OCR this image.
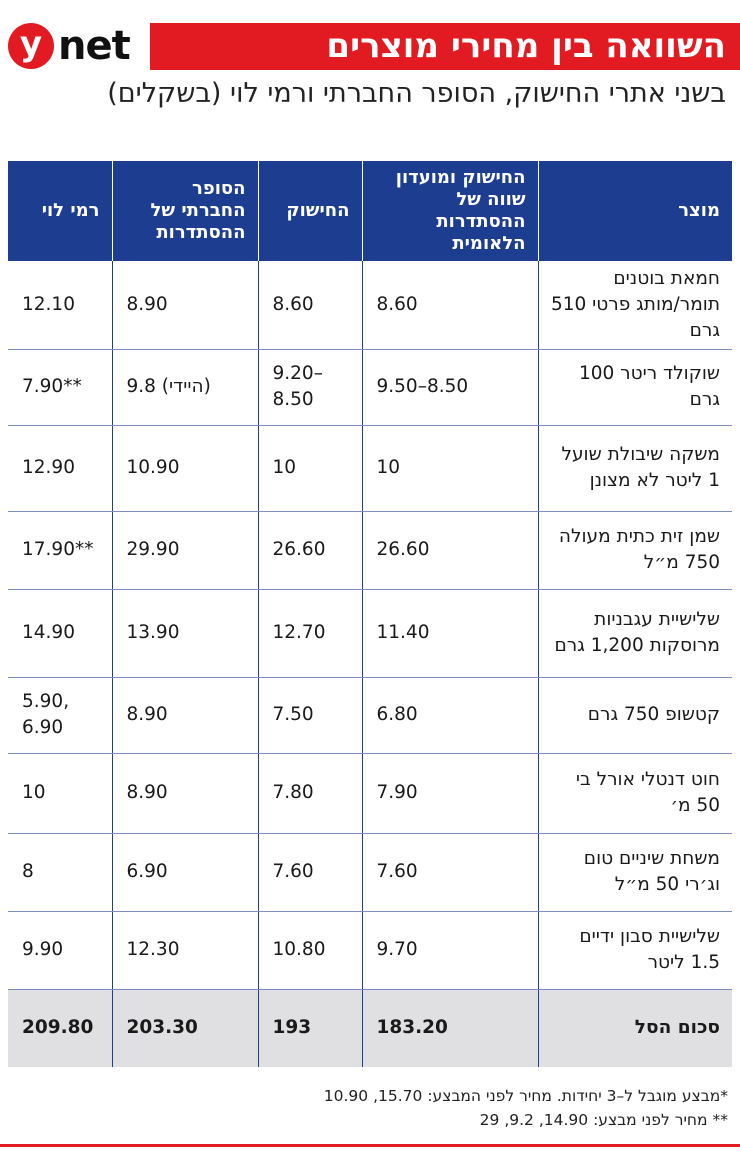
y net	השוואה בין מחירי מוצרים
בשני אתרי החישוק, הסופר החברתי ורמי לוי (בשקלים)
מוצר	החישוק ומועדון שווה של ההסתדרות הלאומית	החישוק	הסופר החברתי של ההסתדרות	רמי לוי
חמאת בוטנים תומר/מותג פרטי 510 גרם	8.60	8.60	8.90	12.10
שוקולד ריטר 100 גרם	9.50–8.50	9.20–8.50	9.8 (היידי)	7.90**
משקה שיבולת שועל 1 ליטר לא מצונן	10	10	10.90	12.90
שמן זית כתית מעולה 750 מ״ל	26.60	26.60	29.90	17.90**
שלישיית עגבניות מרוסקות 1,200 גרם	11.40	12.70	13.90	14.90
קטשופ 750 גרם	6.80	7.50	8.90	5.90, 6.90
חוט דנטלי אורל בי 50 מ׳	7.90	7.80	8.90	10
משחת שיניים טום וג׳רי 50 מ״ל	7.60	7.60	6.90	8
שלישיית סבון ידיים 1.5 ליטר	9.70	10.80	12.30	9.90
סכום הסל	183.20	193	203.30	209.80
*מבצע מוגבל ל–3 יחידות. מחיר לפני המבצע: 15.70, 10.90
** מחיר לפני מבצע: 14.90, 9.2, 29
